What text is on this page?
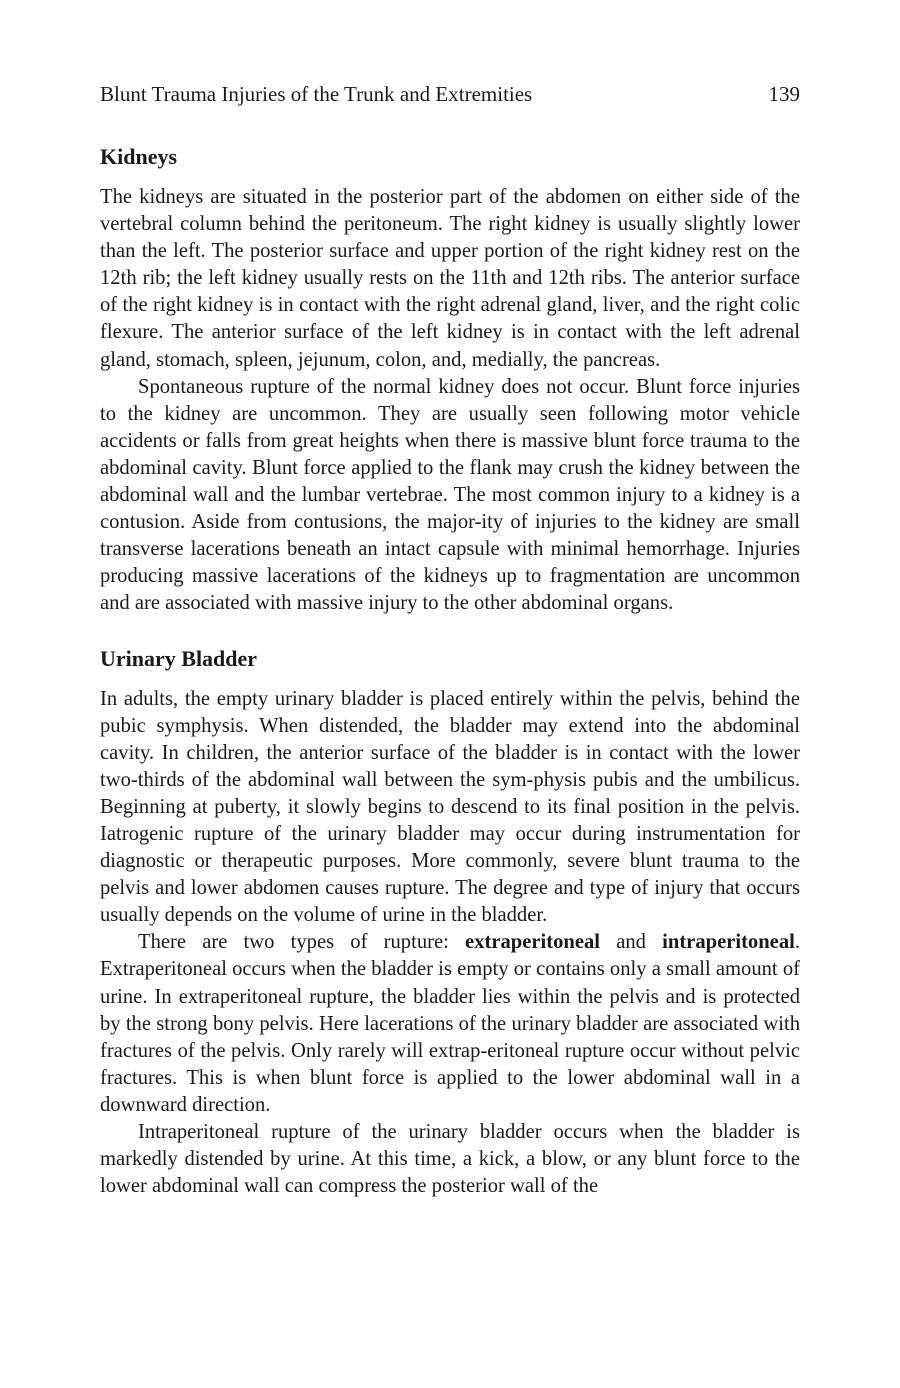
Blunt Trauma Injuries of the Trunk and Extremities	139
Kidneys

The kidneys are situated in the posterior part of the abdomen on either side of the vertebral column behind the peritoneum. The right kidney is usually slightly lower than the left. The posterior surface and upper portion of the right kidney rest on the 12th rib; the left kidney usually rests on the 11th and 12th ribs. The anterior surface of the right kidney is in contact with the right adrenal gland, liver, and the right colic flexure. The anterior surface of the left kidney is in contact with the left adrenal gland, stomach, spleen, jejunum, colon, and, medially, the pancreas.

Spontaneous rupture of the normal kidney does not occur. Blunt force injuries to the kidney are uncommon. They are usually seen following motor vehicle accidents or falls from great heights when there is massive blunt force trauma to the abdominal cavity. Blunt force applied to the flank may crush the kidney between the abdominal wall and the lumbar vertebrae. The most common injury to a kidney is a contusion. Aside from contusions, the major-ity of injuries to the kidney are small transverse lacerations beneath an intact capsule with minimal hemorrhage. Injuries producing massive lacerations of the kidneys up to fragmentation are uncommon and are associated with massive injury to the other abdominal organs.

Urinary Bladder

In adults, the empty urinary bladder is placed entirely within the pelvis, behind the pubic symphysis. When distended, the bladder may extend into the abdominal cavity. In children, the anterior surface of the bladder is in contact with the lower two-thirds of the abdominal wall between the sym-physis pubis and the umbilicus. Beginning at puberty, it slowly begins to descend to its final position in the pelvis. Iatrogenic rupture of the urinary bladder may occur during instrumentation for diagnostic or therapeutic purposes. More commonly, severe blunt trauma to the pelvis and lower abdomen causes rupture. The degree and type of injury that occurs usually depends on the volume of urine in the bladder.

There are two types of rupture: extraperitoneal and intraperitoneal. Extraperitoneal occurs when the bladder is empty or contains only a small amount of urine. In extraperitoneal rupture, the bladder lies within the pelvis and is protected by the strong bony pelvis. Here lacerations of the urinary bladder are associated with fractures of the pelvis. Only rarely will extrap-eritoneal rupture occur without pelvic fractures. This is when blunt force is applied to the lower abdominal wall in a downward direction.

Intraperitoneal rupture of the urinary bladder occurs when the bladder is markedly distended by urine. At this time, a kick, a blow, or any blunt force to the lower abdominal wall can compress the posterior wall of the
